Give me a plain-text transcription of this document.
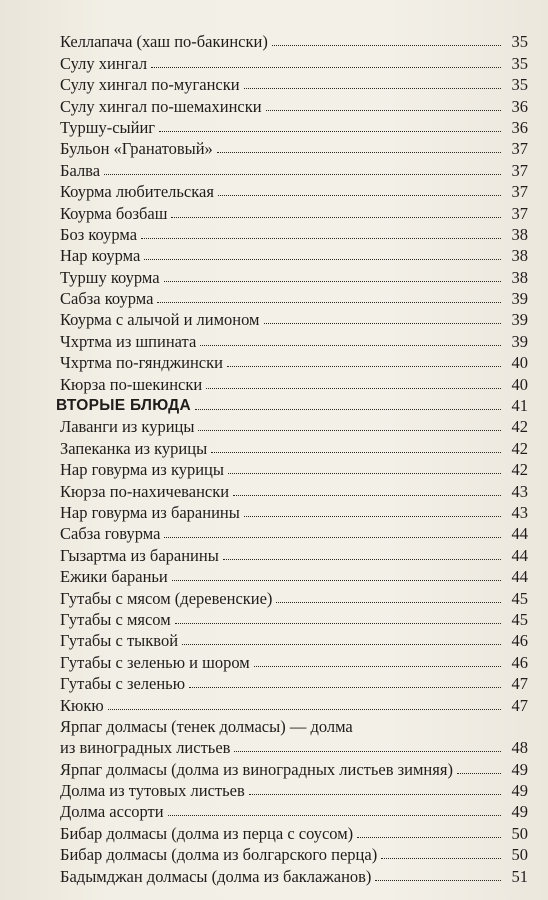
Келлапача (хаш по-бакински)	35
Сулу хингал	35
Сулу хингал по-мугански	35
Сулу хингал по-шемахински	36
Туршу-сыйиг	36
Бульон «Гранатовый»	37
Балва	37
Коурма любительская	37
Коурма бозбаш	37
Боз коурма	38
Нар коурма	38
Туршу коурма	38
Сабза коурма	39
Коурма с алычой и лимоном	39
Чхртма из шпината	39
Чхртма по-гянджински	40
Кюрза по-шекински	40
ВТОРЫЕ БЛЮДА	41
Лаванги из курицы	42
Запеканка из курицы	42
Нар говурма из курицы	42
Кюрза по-нахичевански	43
Нар говурма из баранины	43
Сабза говурма	44
Гызартма из баранины	44
Ежики бараньи	44
Гутабы с мясом (деревенские)	45
Гутабы с мясом	45
Гутабы с тыквой	46
Гутабы с зеленью и шором	46
Гутабы с зеленью	47
Кюкю	47
Ярпаг долмасы (тенек долмасы) — долма
из виноградных листьев	48
Ярпаг долмасы (долма из виноградных листьев зимняя)	49
Долма из тутовых листьев	49
Долма ассорти	49
Бибар долмасы (долма из перца с соусом)	50
Бибар долмасы (долма из болгарского перца)	50
Бадымджан долмасы (долма из баклажанов)	51
